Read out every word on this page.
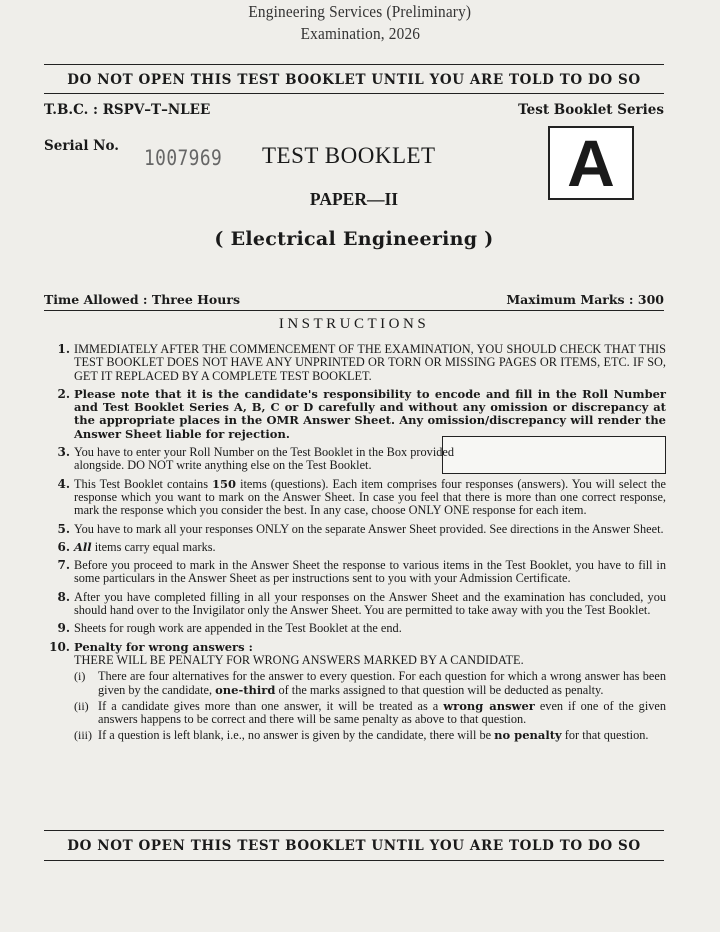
Engineering Services (Preliminary)
Examination, 2026
DO NOT OPEN THIS TEST BOOKLET UNTIL YOU ARE TOLD TO DO SO
T.B.C. : RSPV–T–NLEE	Test Booklet Series
Serial No. 1007969 TEST BOOKLET A
PAPER—II
( Electrical Engineering )
Time Allowed : Three Hours	Maximum Marks : 300
INSTRUCTIONS
1. IMMEDIATELY AFTER THE COMMENCEMENT OF THE EXAMINATION, YOU SHOULD CHECK THAT THIS TEST BOOKLET DOES NOT HAVE ANY UNPRINTED OR TORN OR MISSING PAGES OR ITEMS, ETC. IF SO, GET IT REPLACED BY A COMPLETE TEST BOOKLET.
2. Please note that it is the candidate's responsibility to encode and fill in the Roll Number and Test Booklet Series A, B, C or D carefully and without any omission or discrepancy at the appropriate places in the OMR Answer Sheet. Any omission/discrepancy will render the Answer Sheet liable for rejection.
3. You have to enter your Roll Number on the Test Booklet in the Box provided alongside. DO NOT write anything else on the Test Booklet.
4. This Test Booklet contains 150 items (questions). Each item comprises four responses (answers). You will select the response which you want to mark on the Answer Sheet. In case you feel that there is more than one correct response, mark the response which you consider the best. In any case, choose ONLY ONE response for each item.
5. You have to mark all your responses ONLY on the separate Answer Sheet provided. See directions in the Answer Sheet.
6. All items carry equal marks.
7. Before you proceed to mark in the Answer Sheet the response to various items in the Test Booklet, you have to fill in some particulars in the Answer Sheet as per instructions sent to you with your Admission Certificate.
8. After you have completed filling in all your responses on the Answer Sheet and the examination has concluded, you should hand over to the Invigilator only the Answer Sheet. You are permitted to take away with you the Test Booklet.
9. Sheets for rough work are appended in the Test Booklet at the end.
10. Penalty for wrong answers :
THERE WILL BE PENALTY FOR WRONG ANSWERS MARKED BY A CANDIDATE.
(i)	There are four alternatives for the answer to every question. For each question for which a wrong answer has been given by the candidate, one-third of the marks assigned to that question will be deducted as penalty.
(ii) If a candidate gives more than one answer, it will be treated as a wrong answer even if one of the given answers happens to be correct and there will be same penalty as above to that question.
(iii) If a question is left blank, i.e., no answer is given by the candidate, there will be no penalty for that question.
DO NOT OPEN THIS TEST BOOKLET UNTIL YOU ARE TOLD TO DO SO
